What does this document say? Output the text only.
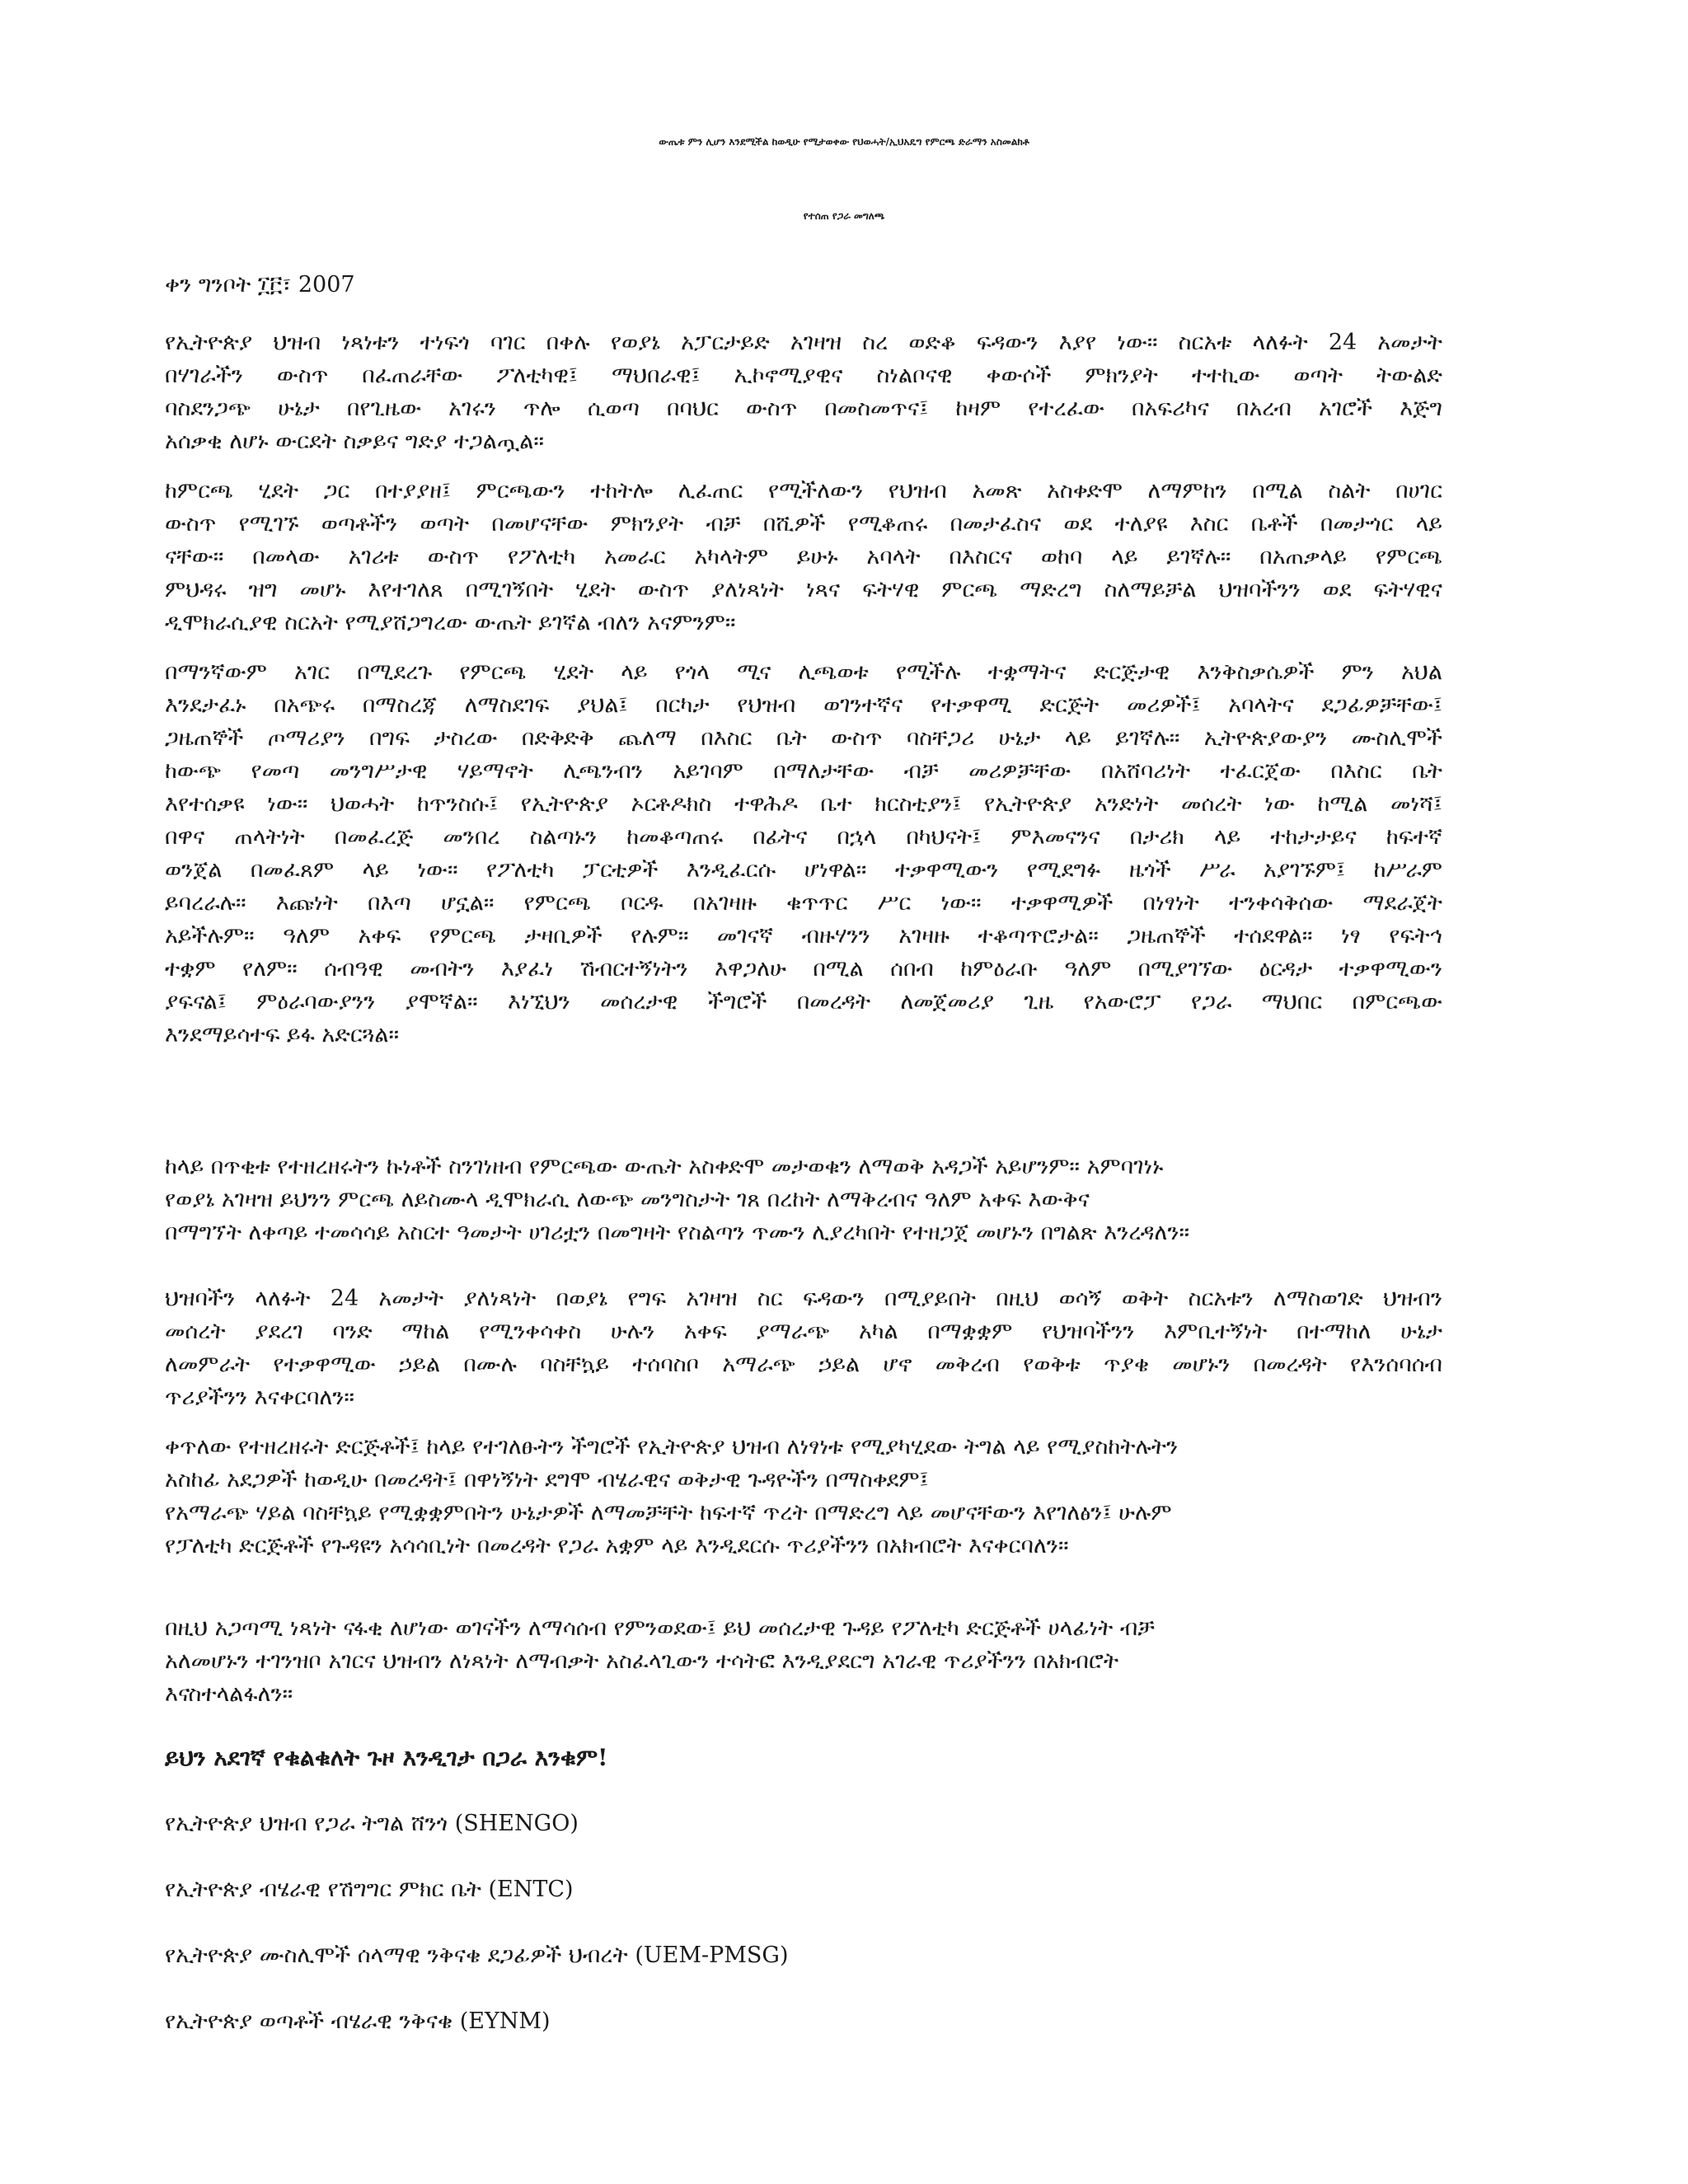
ውጤቱ ምን ሊሆን እንደሚችል ከወዲሁ የሚታወቀው የህወሓት/ኢህአዴግ የምርጫ ድራማን አስመልክቶ
የተሰጠ የጋራ መግለጫ
ቀን ግንቦት ፲፫፣ 2007
የኢትዮጵያ ህዝብ ነጻነቱን ተነፍጎ ባገር በቀሉ የወያኔ አፓርታይድ አገዛዝ ስረ ወድቆ ፍዳውን እያየ ነው። ስርአቱ ላለፉት 24 አመታት
በሃገራችን ውስጥ በፈጠራቸው ፖለቲካዊ፤ ማህበራዊ፤ ኢኮኖሚያዊና ስነልቦናዊ ቀውሶች ምክንያት ተተኪው ወጣት ትውልድ
ባስደንጋጭ ሁኔታ በየጊዜው አገሩን ጥሎ ሲወጣ በባህር ውስጥ በመስመጥና፤ ከዛም የተረፈው በአፍሪካና በአረብ አገሮች እጅግ
አሰቃቂ ለሆኑ ውርደት ስቃይና ግድያ ተጋልጧል።
ከምርጫ ሂደት ጋር በተያያዘ፤ ምርጫውን ተከትሎ ሊፈጠር የሚችለውን የህዝብ አመጽ አስቀድሞ ለማምከን በሚል ስልት በሀገር
ውስጥ የሚገኙ ወጣቶችን ወጣት በመሆናቸው ምክንያት ብቻ በሺዎች የሚቆጠሩ በመታፈስና ወደ ተለያዩ እስር ቤቶች በመታጎር ላይ
ናቸው። በመላው አገሪቱ ውስጥ የፖለቲካ አመራር አካላትም ይሁኑ አባላት በእስርና ወከባ ላይ ይገኛሉ። በአጠቃላይ የምርጫ
ምህዳሩ ዝግ መሆኑ እየተገለጸ በሚገኝበት ሂደት ውስጥ ያለነጻነት ነጻና ፍትሃዊ ምርጫ ማድረግ ስለማይቻል ህዝባችንን ወደ ፍትሃዊና
ዲሞክራሲያዊ ስርአት የሚያሸጋግረው ውጤት ይገኛል ብለን አናምንም።
በማንኛውም አገር በሚደረጉ የምርጫ ሂደት ላይ የጎላ ሚና ሊጫወቱ የሚችሉ ተቋማትና ድርጅታዊ እንቅስቃሴዎች ምን አህል
እንደታፈኑ በአጭሩ በማስረጃ ለማስደገፍ ያህል፤ በርካታ የህዝብ ወገንተኛና የተቃዋሚ ድርጅት መሪዎች፤ አባላትና ደጋፊዎቻቸው፤
ጋዜጠኞች ጦማሪያን በግፍ ታስረው በድቅድቅ ጨለማ በእስር ቤት ውስጥ ባስቸጋሪ ሁኔታ ላይ ይገኛሉ። ኢትዮጵያውያን ሙስሊሞች
ከውጭ የመጣ መንግሥታዊ ሃይማኖት ሊጫንብን አይገባም በማለታቸው ብቻ መሪዎቻቸው በአሸባሪነት ተፈርጀው በእስር ቤት
እየተሰቃዩ ነው። ህወሓት ከጥንስሱ፤ የኢትዮጵያ ኦርቶዶክስ ተዋሕዶ ቤተ ክርስቲያን፤ የኢትዮጵያ አንድነት መሰረት ነው ከሚል መነሻ፤
በዋና ጠላትነት በመፈረጅ መንበረ ስልጣኑን ከመቆጣጠሩ በፊትና በኋላ በካህናት፤ ምእመናንና በታሪክ ላይ ተከታታይና ከፍተኛ
ወንጀል በመፈጸም ላይ ነው። የፖለቲካ ፓርቲዎች እንዲፈርሱ ሆነዋል። ተቃዋሚውን የሚደግፉ ዜጎች ሥራ አያገኙም፤ ከሥራም
ይባረራሉ። እጩነት በእጣ ሆኗል። የምርጫ ቦርዱ በአገዛዙ ቁጥጥር ሥር ነው። ተቃዋሚዎች በነፃነት ተንቀሳቅሰው ማደራጀት
አይችሉም። ዓለም አቀፍ የምርጫ ታዛቢዎች የሉም። መገናኛ ብዙሃንን አገዛዙ ተቆጣጥሮታል። ጋዜጠኞች ተሰደዋል። ነፃ የፍትኅ
ተቋም የለም። ሰብዓዊ መብትን እያፈነ ሽብርተኝነትን እዋጋለሁ በሚል ሰበብ ከምዕራቡ ዓለም በሚያገኘው ዕርዳታ ተቃዋሚውን
ያፍናል፤ ምዕራባውያንን ያሞኛል። እነኚህን መሰረታዊ ችግሮች በመረዳት ለመጀመሪያ ጊዜ የአውሮፓ የጋራ ማህበር በምርጫው
እንደማይሳተፍ ይፋ አድርጓል።
ከላይ በጥቂቱ የተዘረዘሩትን ኩነቶች ስንገነዘብ የምርጫው ውጤት አስቀድሞ መታወቁን ለማወቅ አዳጋች አይሆንም። አምባገነኑ
የወያኔ አገዛዝ ይህንን ምርጫ ለይስሙላ ዲሞክራሲ ለውጭ መንግስታት ገጸ በረከት ለማቅረብና ዓለም አቀፍ እውቅና
በማግኘት ለቀጣይ ተመሳሳይ አስርተ ዓመታት ሀገሪቷን በመግዛት የስልጣን ጥሙን ሊያረካበት የተዘጋጀ መሆኑን በግልጽ እንረዳለን።
ህዝባችን ላለፉት 24 አመታት ያለነጻነት በወያኔ የግፍ አገዛዝ ስር ፍዳውን በሚያይበት በዚህ ወሳኝ ወቅት ስርአቱን ለማስወገድ ህዝብን
መሰረት ያደረገ ባንድ ማከል የሚንቀሳቀስ ሁሉን አቀፍ ያማራጭ አካል በማቋቋም የህዝባችንን እምቢተኝነት በተማከለ ሁኔታ
ለመምራት የተቃዋሚው ኃይል በሙሉ ባስቸኳይ ተሰባስቦ አማራጭ ኃይል ሆኖ መቅረብ የወቅቱ ጥያቄ መሆኑን በመረዳት የእንሰባሰብ
ጥሪያችንን እናቀርባለን።
ቀጥለው የተዘረዘሩት ድርጅቶች፤ ከላይ የተገለፁትን ችግሮች የኢትዮጵያ ህዝብ ለነፃነቱ የሚያካሂደው ትግል ላይ የሚያስከትሉትን
አስከፊ አደጋዎች ከወዲሁ በመረዳት፤ በዋነኝነት ደግሞ ብሄራዊና ወቅታዊ ጉዳዮችን በማስቀደም፤
የአማራጭ ሃይል ባስቸኳይ የሚቋቋምበትን ሁኔታዎች ለማመቻቸት ከፍተኛ ጥረት በማድረግ ላይ መሆናቸውን እየገለፅን፤ ሁሉም
የፓለቲካ ድርጅቶች የጉዳዩን አሳሳቢነት በመረዳት የጋራ አቋም ላይ እንዲደርሱ ጥሪያችንን በአክብሮት እናቀርባለን።
በዚህ አጋጣሚ ነጻነት ናፋቂ ለሆነው ወገናችን ለማሳሰብ የምንወደው፤ ይህ መሰረታዊ ጉዳይ የፖለቲካ ድርጅቶች ሀላፊነት ብቻ
አለመሆኑን ተገንዝቦ አገርና ህዝብን ለነጻነት ለማብቃት አስፈላጊውን ተሳትፎ እንዲያደርግ አገራዊ ጥሪያችንን በአክብሮት
እናስተላልፋለን።
ይህን አደገኛ የቁልቁለት ጉዞ እንዲገታ በጋራ እንቁም!
የኢትዮጵያ ህዝብ የጋራ ትግል ሸንጎ (SHENGO)
የኢትዮጵያ ብሄራዊ የሽግግር ምክር ቤት (ENTC)
የኢትዮጵያ ሙስሊሞች ሰላማዊ ንቅናቄ ደጋፊዎች ህብረት (UEM-PMSG)
የኢትዮጵያ ወጣቶች ብሄራዊ ንቅናቄ (EYNM)
